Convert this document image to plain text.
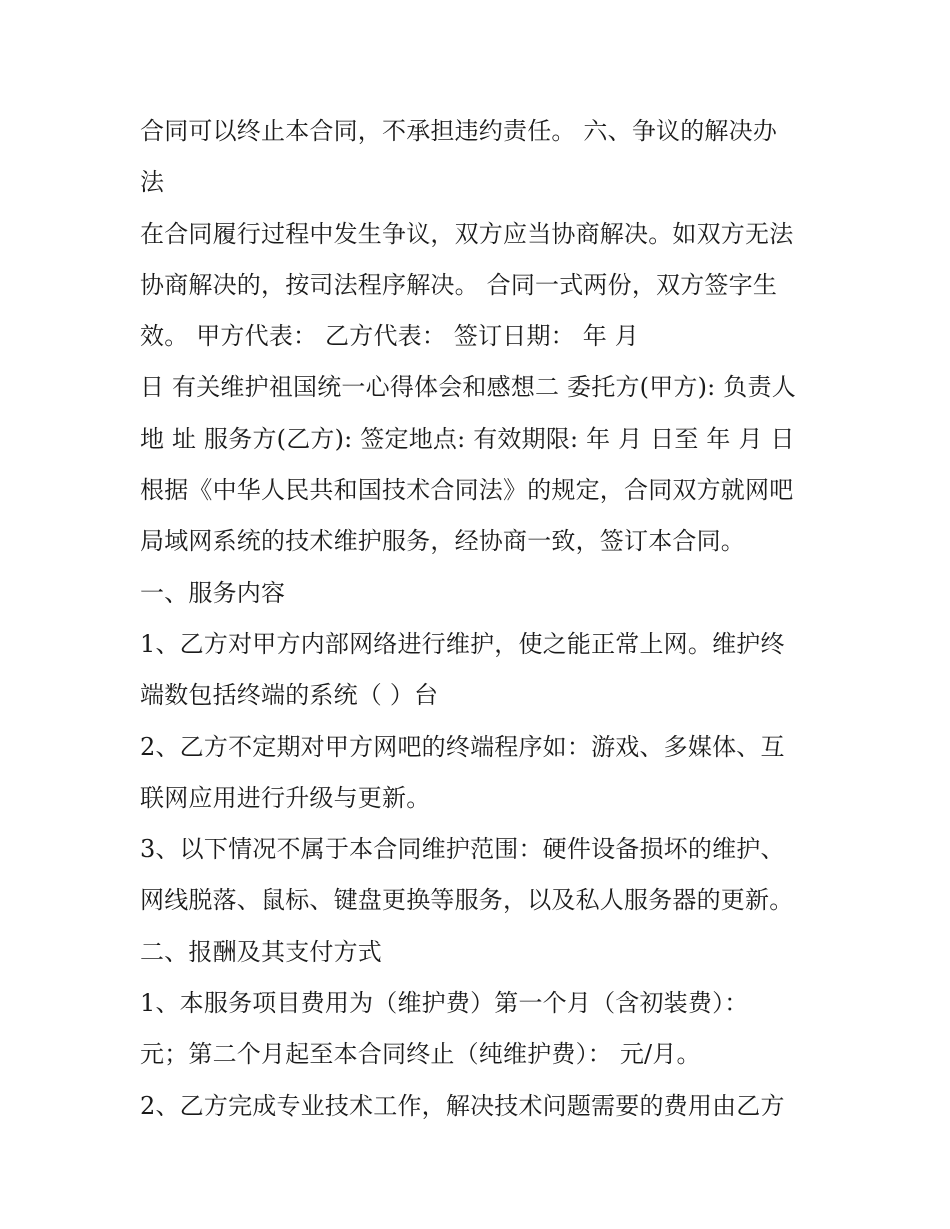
合同可以终止本合同，不承担违约责任。 六、争议的解决办
法
在合同履行过程中发生争议，双方应当协商解决。如双方无法
协商解决的，按司法程序解决。 合同一式两份，双方签字生
效。 甲方代表： 乙方代表： 签订日期： 年 月
日 有关维护祖国统一心得体会和感想二 委托方(甲方): 负责人
地 址 服务方(乙方): 签定地点: 有效期限: 年 月 日至 年 月 日
根据《中华人民共和国技术合同法》的规定，合同双方就网吧
局域网系统的技术维护服务，经协商一致，签订本合同。
一、服务内容
1、乙方对甲方内部网络进行维护，使之能正常上网。维护终
端数包括终端的系统（ ）台
2、乙方不定期对甲方网吧的终端程序如：游戏、多媒体、互
联网应用进行升级与更新。
3、以下情况不属于本合同维护范围：硬件设备损坏的维护、
网线脱落、鼠标、键盘更换等服务，以及私人服务器的更新。
二、报酬及其支付方式
1、本服务项目费用为（维护费）第一个月（含初装费）：
元；第二个月起至本合同终止（纯维护费）： 元/月。
2、乙方完成专业技术工作，解决技术问题需要的费用由乙方
